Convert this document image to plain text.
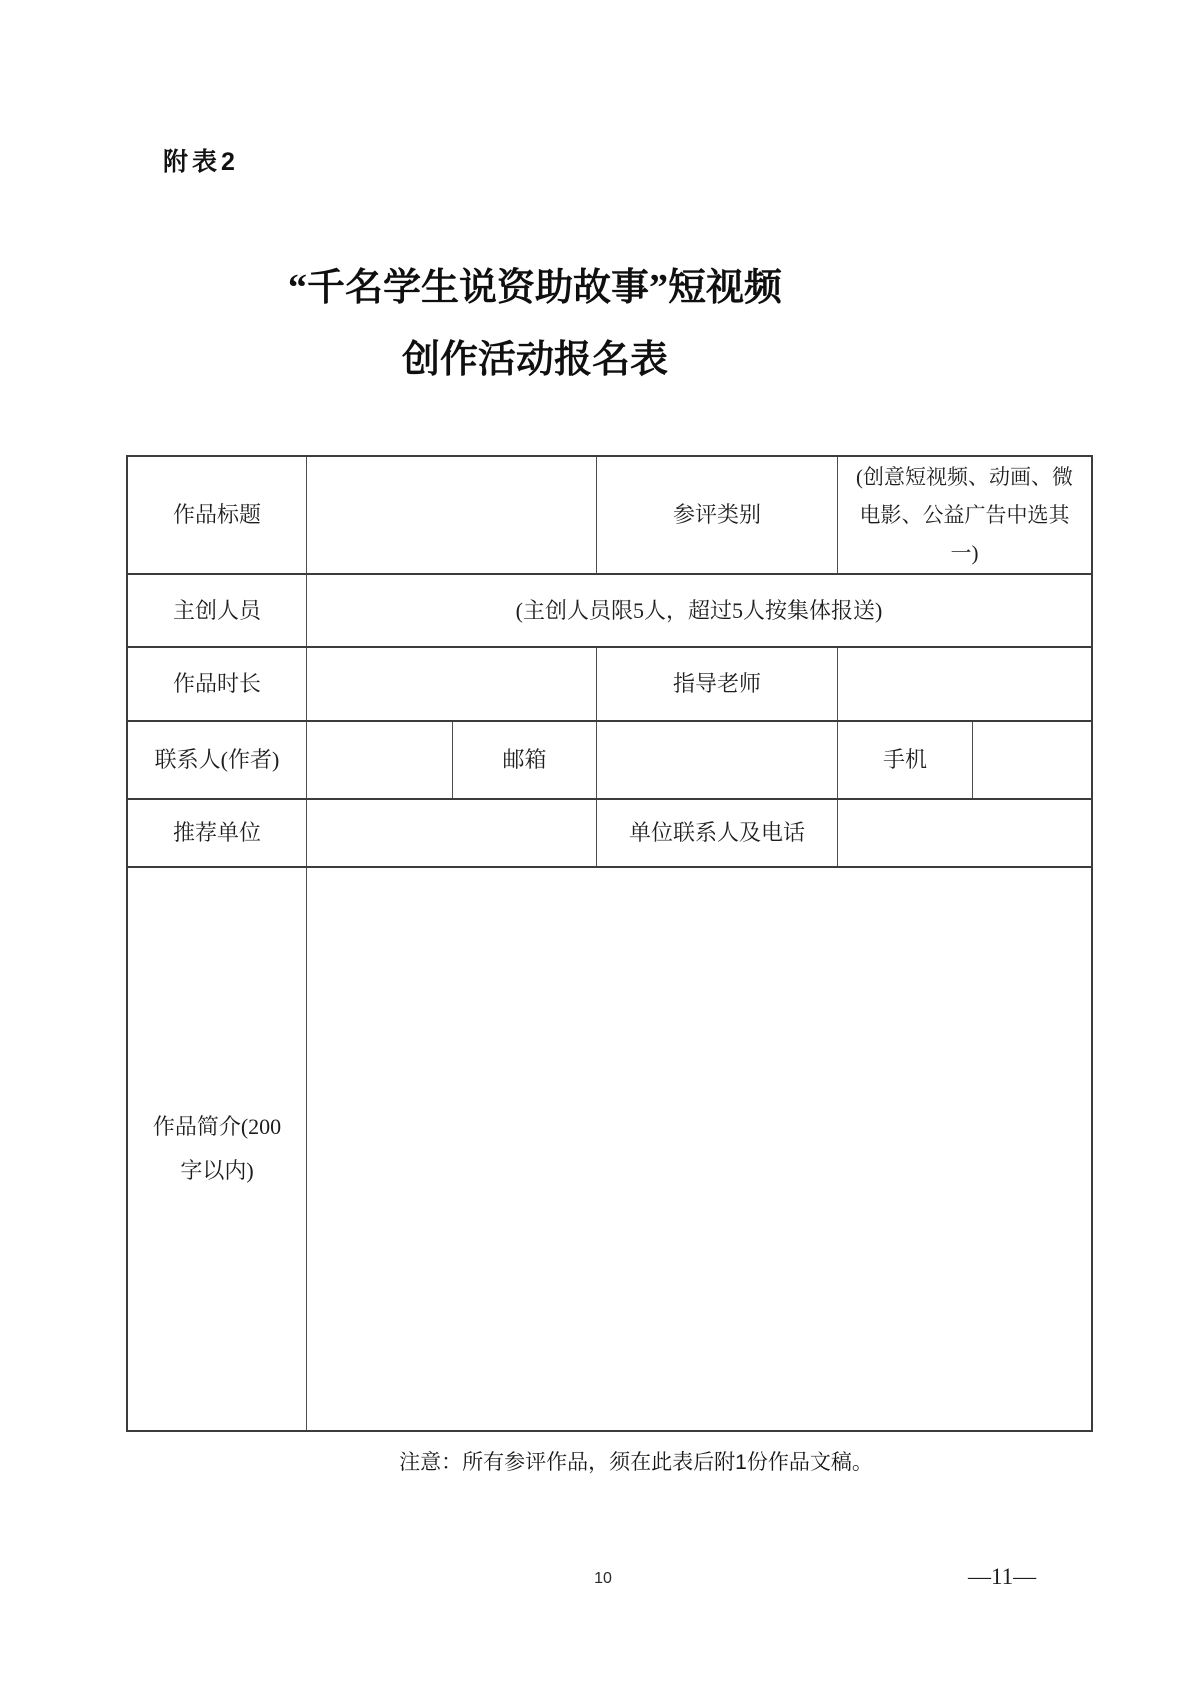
附表2
“千名学生说资助故事”短视频
创作活动报名表
作品标题	参评类别
(创意短视频、动画、微
电影、公益广告中选其
一)
主创人员	(主创人员限5人，超过5人按集体报送)
作品时长	指导老师
联系人(作者)	邮箱	手机
推荐单位	单位联系人及电话
作品简介(200
字以内)
注意：所有参评作品，须在此表后附1份作品文稿。
10	—11—
